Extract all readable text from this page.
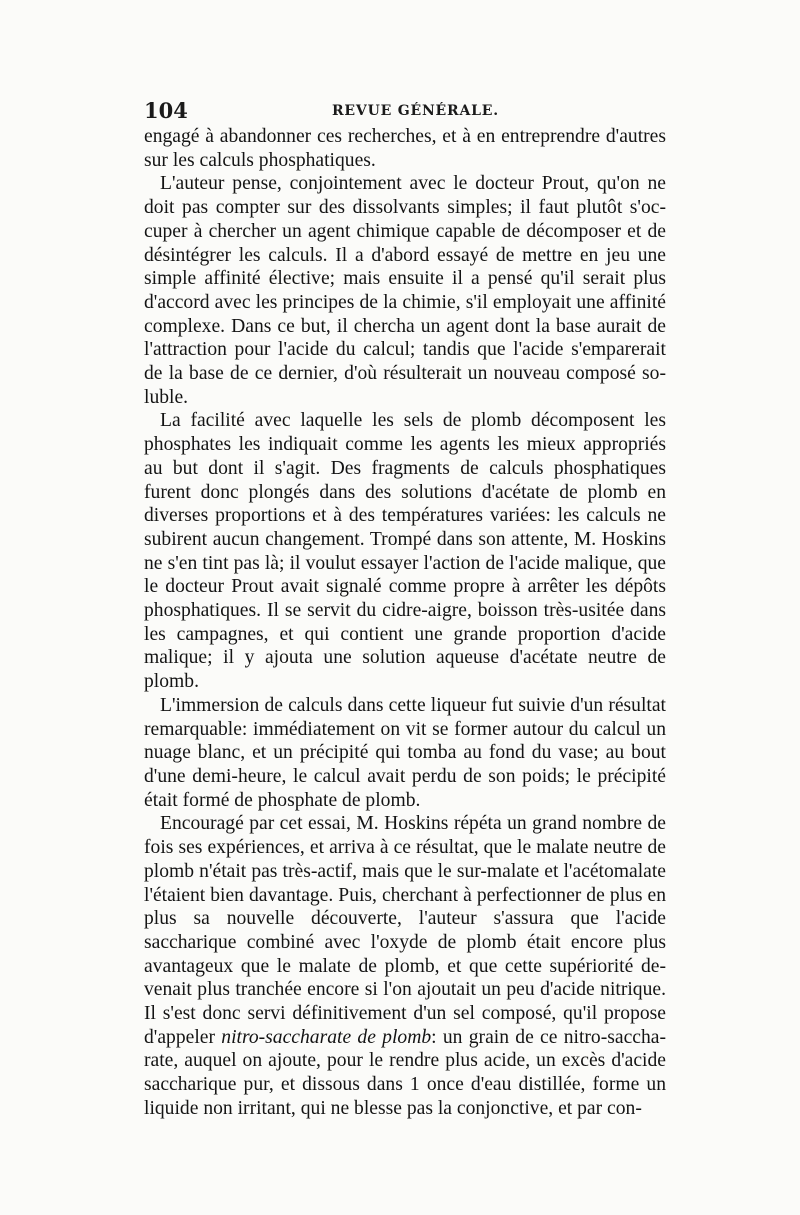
104	REVUE GÉNÉRALE.

engagé à abandonner ces recherches, et à en entreprendre d'autres sur les calculs phosphatiques.

L'auteur pense, conjointement avec le docteur Prout, qu'on ne doit pas compter sur des dissolvants simples; il faut plutôt s'occuper à chercher un agent chimique capable de décomposer et de désintégrer les calculs. Il a d'abord essayé de mettre en jeu une simple affinité élective; mais ensuite il a pensé qu'il serait plus d'accord avec les principes de la chimie, s'il employait une affinité complexe. Dans ce but, il chercha un agent dont la base aurait de l'attraction pour l'acide du calcul; tandis que l'acide s'emparerait de la base de ce dernier, d'où résulterait un nouveau composé soluble.

La facilité avec laquelle les sels de plomb décomposent les phosphates les indiquait comme les agents les mieux appropriés au but dont il s'agit. Des fragments de calculs phosphatiques furent donc plongés dans des solutions d'acétate de plomb en diverses proportions et à des températures variées: les calculs ne subirent aucun changement. Trompé dans son attente, M. Hoskins ne s'en tint pas là; il voulut essayer l'action de l'acide malique, que le docteur Prout avait signalé comme propre à arrêter les dépôts phosphatiques. Il se servit du cidre-aigre, boisson très-usitée dans les campagnes, et qui contient une grande proportion d'acide malique; il y ajouta une solution aqueuse d'acétate neutre de plomb.

L'immersion de calculs dans cette liqueur fut suivie d'un résultat remarquable: immédiatement on vit se former autour du calcul un nuage blanc, et un précipité qui tomba au fond du vase; au bout d'une demi-heure, le calcul avait perdu de son poids; le précipité était formé de phosphate de plomb.

Encouragé par cet essai, M. Hoskins répéta un grand nombre de fois ses expériences, et arriva à ce résultat, que le malate neutre de plomb n'était pas très-actif, mais que le sur-malate et l'acétomalate l'étaient bien davantage. Puis, cherchant à perfectionner de plus en plus sa nouvelle découverte, l'auteur s'assura que l'acide saccharique combiné avec l'oxyde de plomb était encore plus avantageux que le malate de plomb, et que cette supériorité devenait plus tranchée encore si l'on ajoutait un peu d'acide nitrique. Il s'est donc servi définitivement d'un sel composé, qu'il propose d'appeler nitro-saccharate de plomb: un grain de ce nitro-saccharate, auquel on ajoute, pour le rendre plus acide, un excès d'acide saccharique pur, et dissous dans 1 once d'eau distillée, forme un liquide non irritant, qui ne blesse pas la conjonctive, et par con-
